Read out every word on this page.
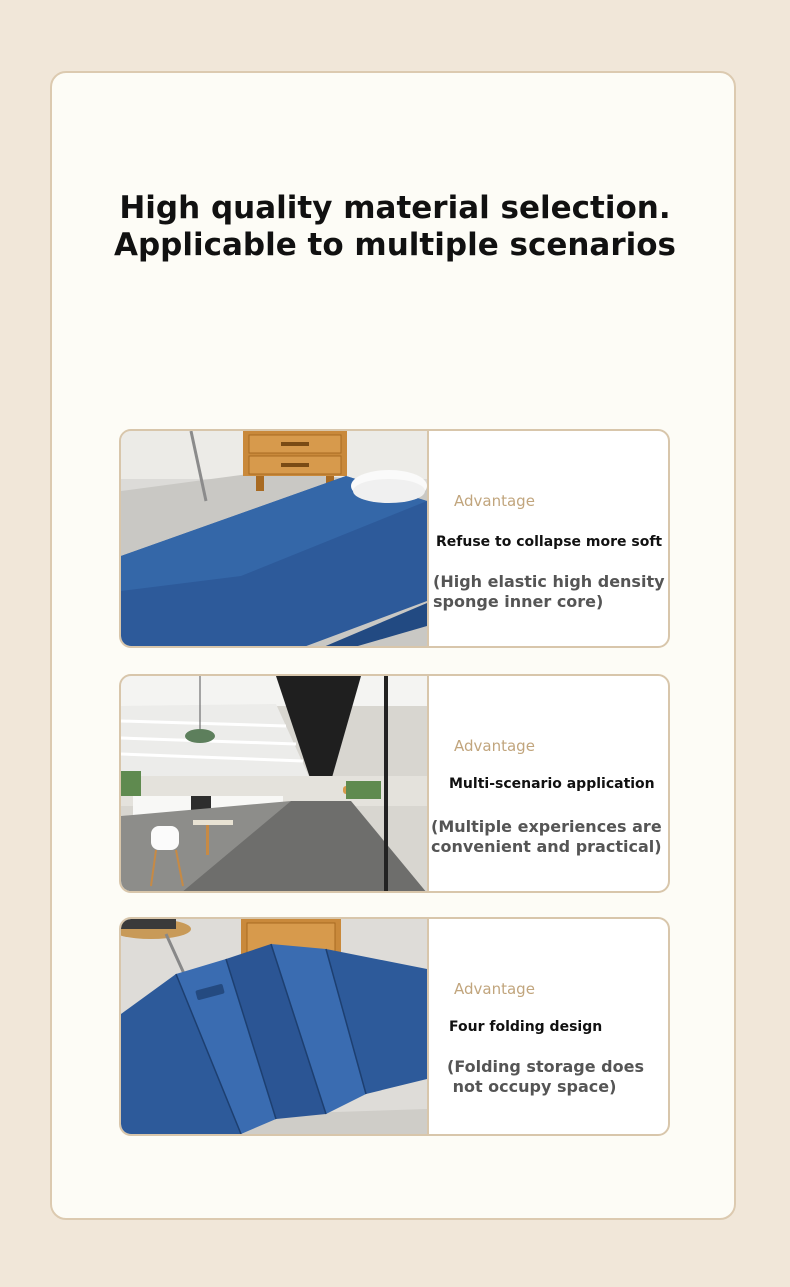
High quality material selection.
Applicable to multiple scenarios
Advantage
Refuse to collapse more soft
(High elastic high density
sponge inner core)
Advantage
Multi-scenario application
(Multiple experiences are
convenient and practical)
Advantage
Four folding design
(Folding storage does
not occupy space)
